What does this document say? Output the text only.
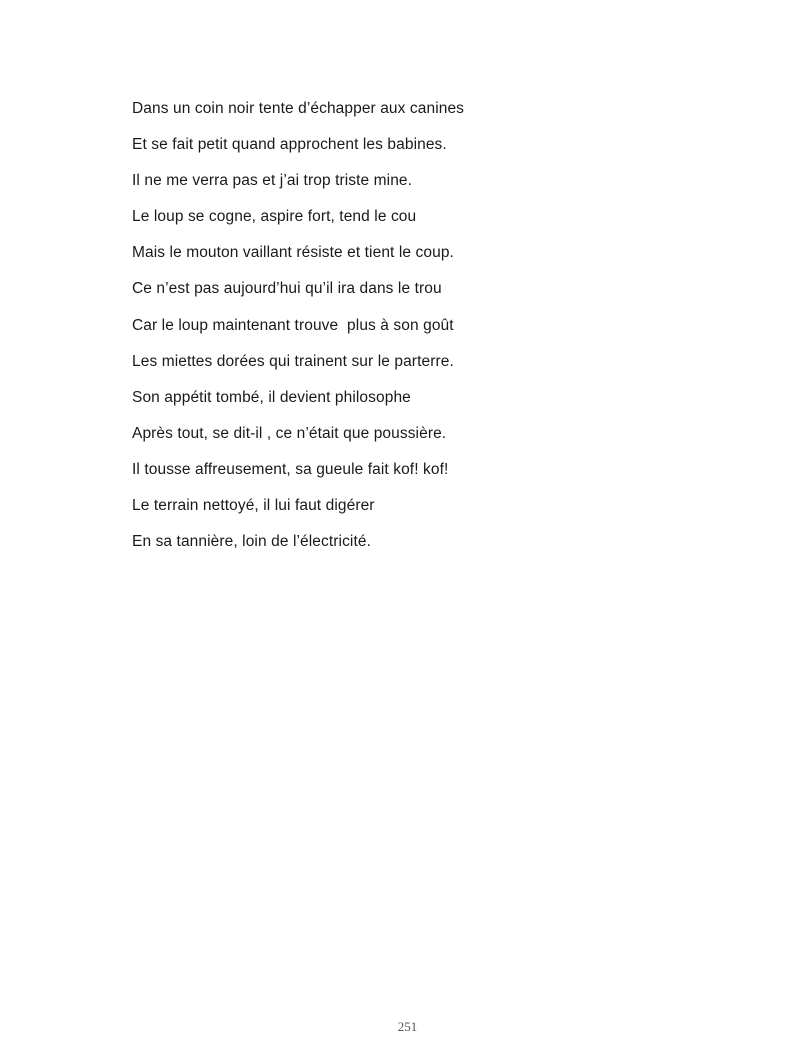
Dans un coin noir tente d’échapper aux canines
Et se fait petit quand approchent les babines.
Il ne me verra pas et j’ai trop triste mine.
Le loup se cogne, aspire fort, tend le cou
Mais le mouton vaillant résiste et tient le coup.
Ce n’est pas aujourd’hui qu’il ira dans le trou
Car le loup maintenant trouve  plus à son goût
Les miettes dorées qui trainent sur le parterre.
Son appétit tombé, il devient philosophe
Après tout, se dit-il , ce n’était que poussière.
Il tousse affreusement, sa gueule fait kof! kof!
Le terrain nettoyé, il lui faut digérer
En sa tannière, loin de l’électricité.
251
